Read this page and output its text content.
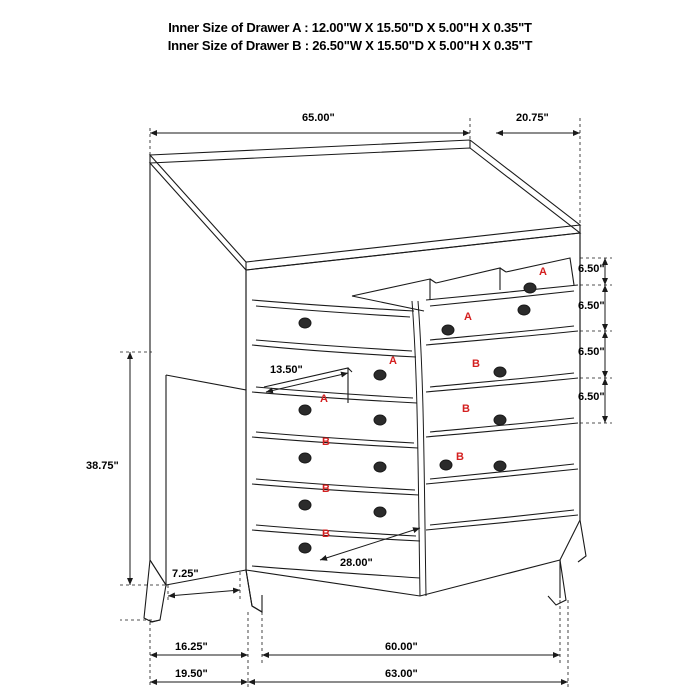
Inner Size of Drawer A : 12.00"W X 15.50"D X 5.00"H X 0.35"T
Inner Size of Drawer B : 26.50"W X 15.50"D X 5.00"H X 0.35"T
65.00"	20.75"
6.50"
6.50"
6.50"
6.50"
13.50"
38.75"
7.25"
28.00"
16.25"	60.00"
19.50"	63.00"
A
A
A
A
B
B
B
B
B
B
